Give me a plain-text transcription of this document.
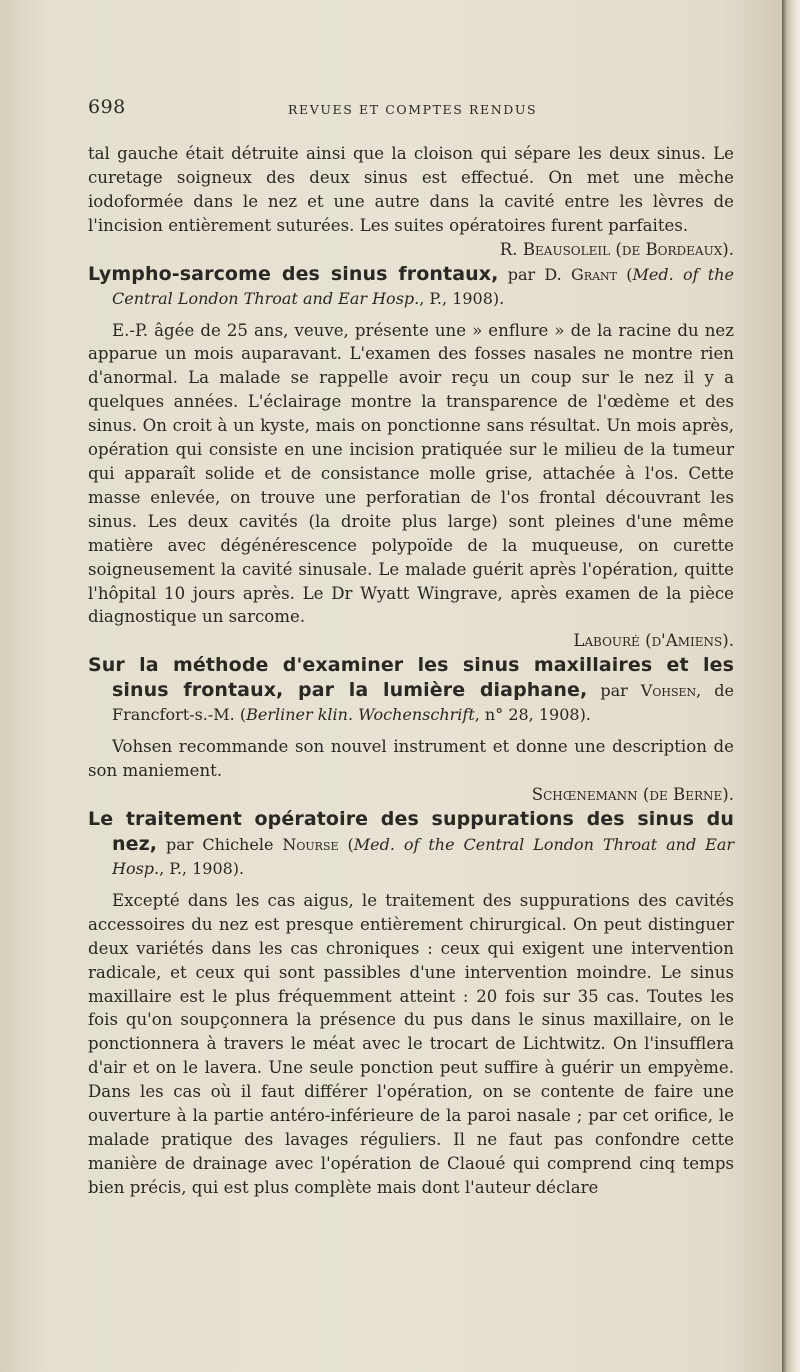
698	REVUES ET COMPTES RENDUS

tal gauche était détruite ainsi que la cloison qui sépare les deux sinus. Le curetage soigneux des deux sinus est effectué. On met une mèche iodoformée dans le nez et une autre dans la cavité entre les lèvres de l'incision entièrement suturées. Les suites opératoires furent parfaites.

R. Beausoleil (de Bordeaux).

Lympho-sarcome des sinus frontaux, par D. Grant (Med. of the Central London Throat and Ear Hosp., P., 1908).

E.-P. âgée de 25 ans, veuve, présente une » enflure » de la racine du nez apparue un mois auparavant. L'examen des fosses nasales ne montre rien d'anormal. La malade se rappelle avoir reçu un coup sur le nez il y a quelques années. L'éclairage montre la transparence de l'œdème et des sinus. On croit à un kyste, mais on ponctionne sans résultat. Un mois après, opération qui consiste en une incision pratiquée sur le milieu de la tumeur qui apparaît solide et de consistance molle grise, attachée à l'os. Cette masse enlevée, on trouve une perforatian de l'os frontal découvrant les sinus. Les deux cavités (la droite plus large) sont pleines d'une même matière avec dégénérescence polypoïde de la muqueuse, on curette soigneusement la cavité sinusale. Le malade guérit après l'opération, quitte l'hôpital 10 jours après. Le Dr Wyatt Wingrave, après examen de la pièce diagnostique un sarcome.

Labouré (d'Amiens).

Sur la méthode d'examiner les sinus maxillaires et les sinus frontaux, par la lumière diaphane, par Vohsen, de Francfort-s.-M. (Berliner klin. Wochenschrift, n° 28, 1908).

Vohsen recommande son nouvel instrument et donne une description de son maniement.

Schœnemann (de Berne).

Le traitement opératoire des suppurations des sinus du nez, par Chichele Nourse (Med. of the Central London Throat and Ear Hosp., P., 1908).

Excepté dans les cas aigus, le traitement des suppurations des cavités accessoires du nez est presque entièrement chirurgical. On peut distinguer deux variétés dans les cas chroniques : ceux qui exigent une intervention radicale, et ceux qui sont passibles d'une intervention moindre. Le sinus maxillaire est le plus fréquemment atteint : 20 fois sur 35 cas. Toutes les fois qu'on soupçonnera la présence du pus dans le sinus maxillaire, on le ponctionnera à travers le méat avec le trocart de Lichtwitz. On l'insufflera d'air et on le lavera. Une seule ponction peut suffire à guérir un empyème. Dans les cas où il faut différer l'opération, on se contente de faire une ouverture à la partie antéro-inférieure de la paroi nasale ; par cet orifice, le malade pratique des lavages réguliers. Il ne faut pas confondre cette manière de drainage avec l'opération de Claoué qui comprend cinq temps bien précis, qui est plus complète mais dont l'auteur déclare
